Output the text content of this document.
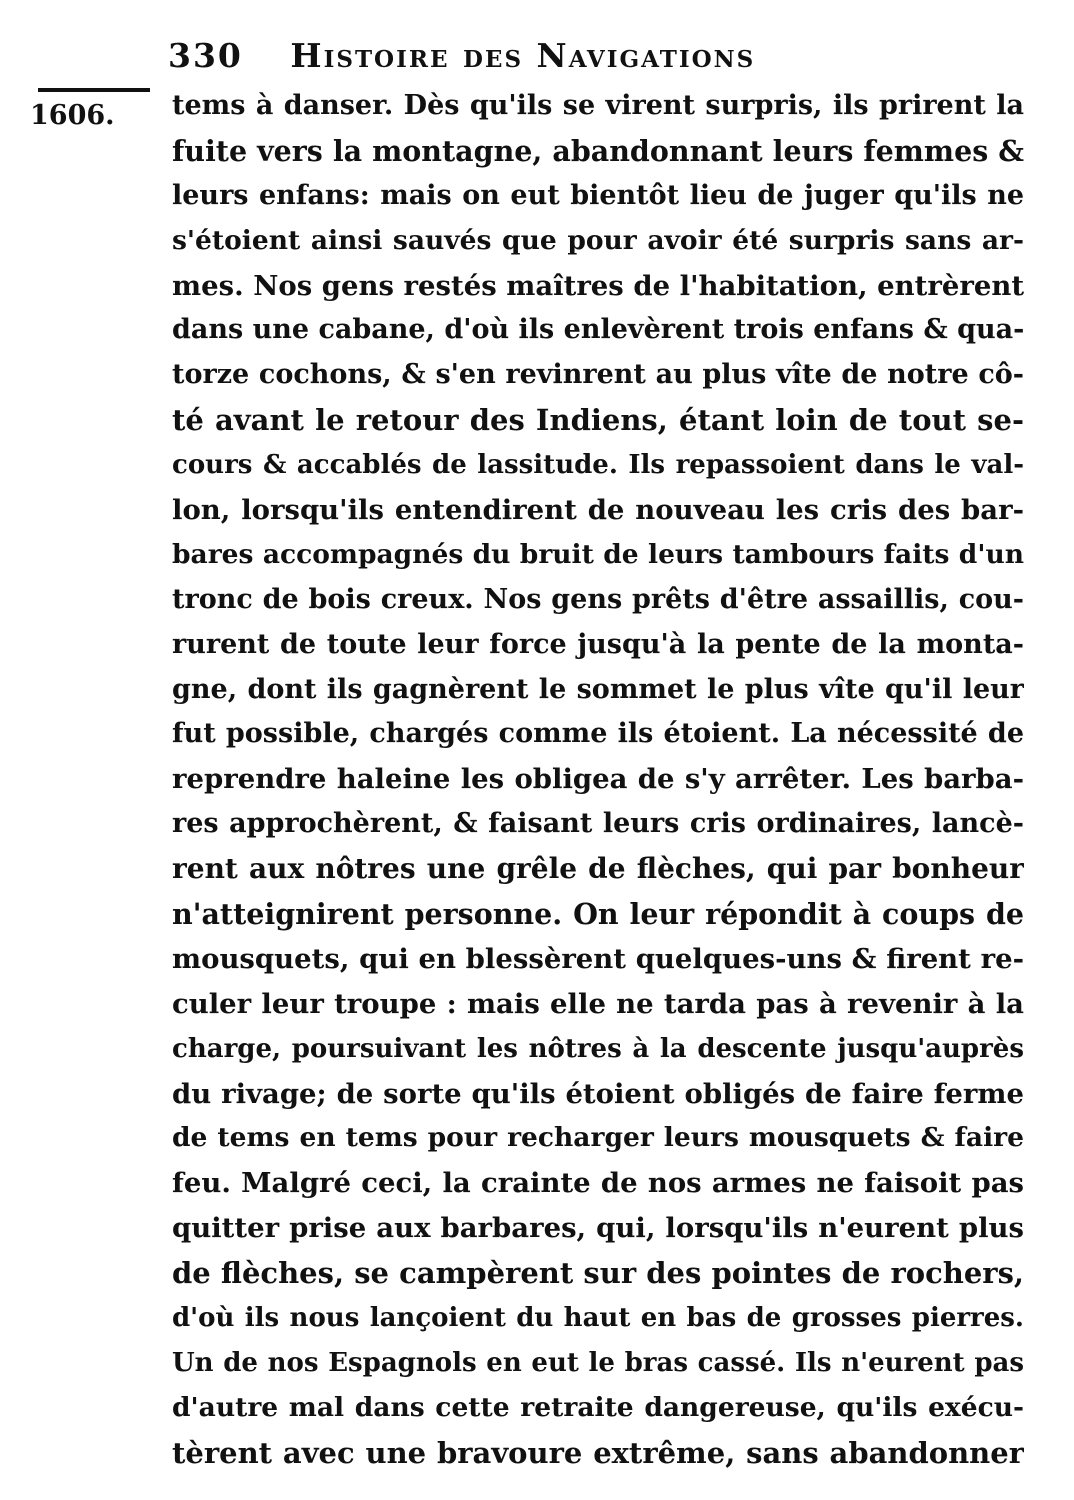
330 Histoire des Navigations
1606. tems à danser. Dès qu'ils se virent surpris, ils prirent la
fuite vers la montagne, abandonnant leurs femmes &
leurs enfans: mais on eut bientôt lieu de juger qu'ils ne
s'étoient ainsi sauvés que pour avoir été surpris sans ar-
mes. Nos gens restés maîtres de l'habitation, entrèrent
dans une cabane, d'où ils enlevèrent trois enfans & qua-
torze cochons, & s'en revinrent au plus vîte de notre cô-
té avant le retour des Indiens, étant loin de tout se-
cours & accablés de lassitude. Ils repassoient dans le val-
lon, lorsqu'ils entendirent de nouveau les cris des bar-
bares accompagnés du bruit de leurs tambours faits d'un
tronc de bois creux. Nos gens prêts d'être assaillis, cou-
rurent de toute leur force jusqu'à la pente de la monta-
gne, dont ils gagnèrent le sommet le plus vîte qu'il leur
fut possible, chargés comme ils étoient. La nécessité de
reprendre haleine les obligea de s'y arrêter. Les barba-
res approchèrent, & faisant leurs cris ordinaires, lancè-
rent aux nôtres une grêle de flèches, qui par bonheur
n'atteignirent personne. On leur répondit à coups de
mousquets, qui en blessèrent quelques-uns & firent re-
culer leur troupe : mais elle ne tarda pas à revenir à la
charge, poursuivant les nôtres à la descente jusqu'auprès
du rivage; de sorte qu'ils étoient obligés de faire ferme
de tems en tems pour recharger leurs mousquets & faire
feu. Malgré ceci, la crainte de nos armes ne faisoit pas
quitter prise aux barbares, qui, lorsqu'ils n'eurent plus
de flèches, se campèrent sur des pointes de rochers,
d'où ils nous lançoient du haut en bas de grosses pierres.
Un de nos Espagnols en eut le bras cassé. Ils n'eurent pas
d'autre mal dans cette retraite dangereuse, qu'ils exécu-
tèrent avec une bravoure extrême, sans abandonner
